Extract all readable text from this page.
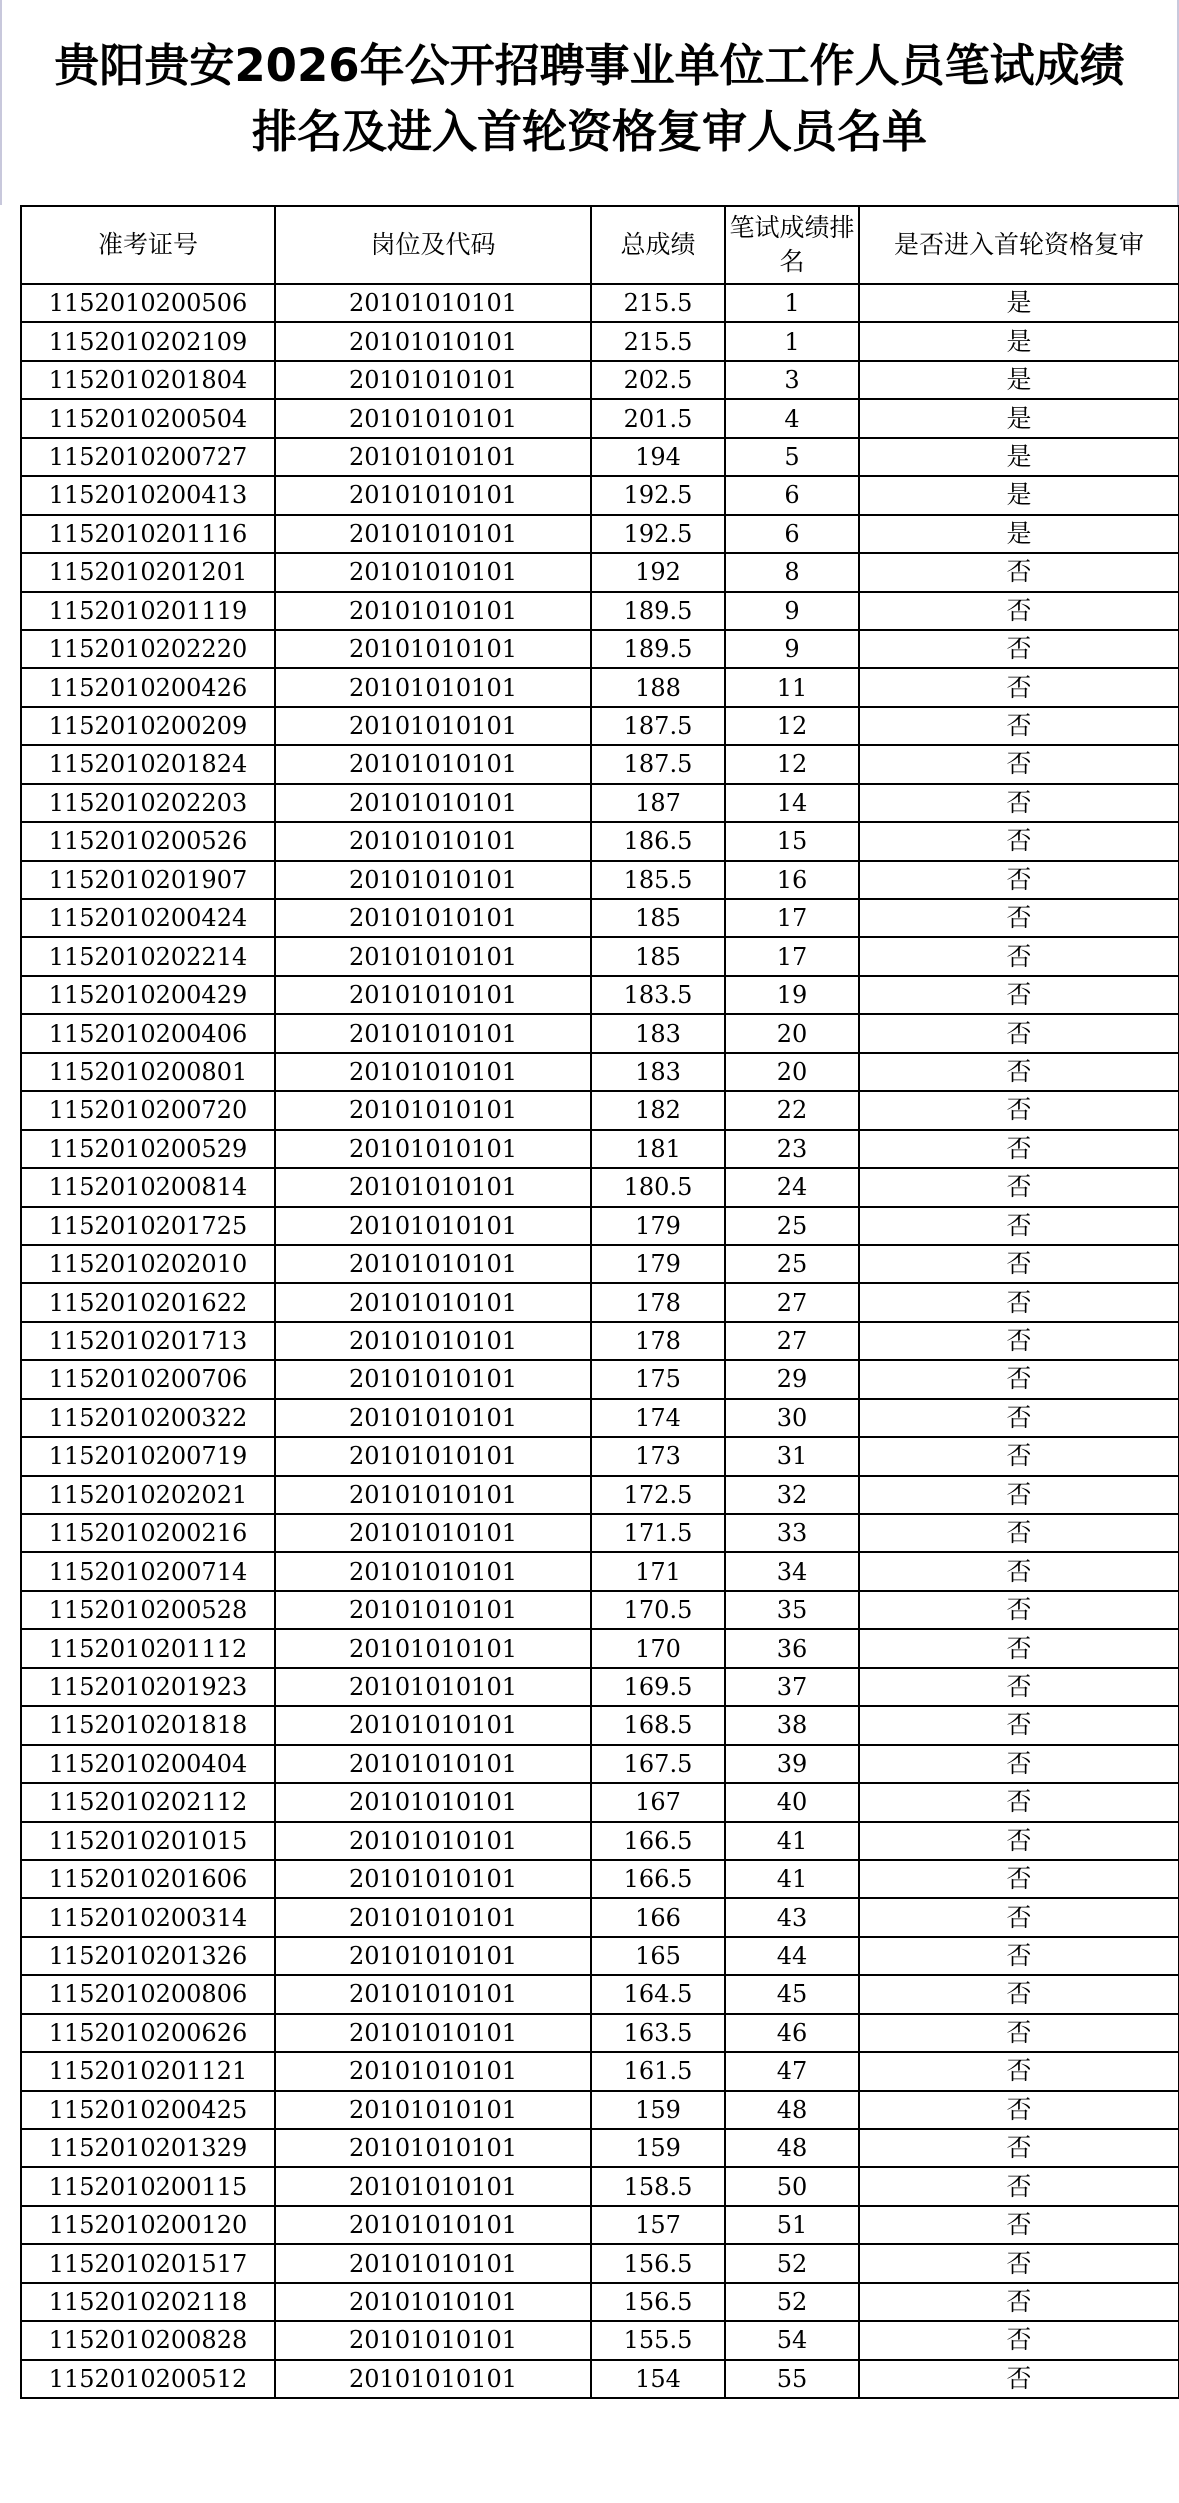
贵阳贵安2026年公开招聘事业单位工作人员笔试成绩
排名及进入首轮资格复审人员名单
准考证号	岗位及代码	总成绩	笔试成绩排名	是否进入首轮资格复审
1152010200506	20101010101	215.5	1	是
1152010202109	20101010101	215.5	1	是
1152010201804	20101010101	202.5	3	是
1152010200504	20101010101	201.5	4	是
1152010200727	20101010101	194	5	是
1152010200413	20101010101	192.5	6	是
1152010201116	20101010101	192.5	6	是
1152010201201	20101010101	192	8	否
1152010201119	20101010101	189.5	9	否
1152010202220	20101010101	189.5	9	否
1152010200426	20101010101	188	11	否
1152010200209	20101010101	187.5	12	否
1152010201824	20101010101	187.5	12	否
1152010202203	20101010101	187	14	否
1152010200526	20101010101	186.5	15	否
1152010201907	20101010101	185.5	16	否
1152010200424	20101010101	185	17	否
1152010202214	20101010101	185	17	否
1152010200429	20101010101	183.5	19	否
1152010200406	20101010101	183	20	否
1152010200801	20101010101	183	20	否
1152010200720	20101010101	182	22	否
1152010200529	20101010101	181	23	否
1152010200814	20101010101	180.5	24	否
1152010201725	20101010101	179	25	否
1152010202010	20101010101	179	25	否
1152010201622	20101010101	178	27	否
1152010201713	20101010101	178	27	否
1152010200706	20101010101	175	29	否
1152010200322	20101010101	174	30	否
1152010200719	20101010101	173	31	否
1152010202021	20101010101	172.5	32	否
1152010200216	20101010101	171.5	33	否
1152010200714	20101010101	171	34	否
1152010200528	20101010101	170.5	35	否
1152010201112	20101010101	170	36	否
1152010201923	20101010101	169.5	37	否
1152010201818	20101010101	168.5	38	否
1152010200404	20101010101	167.5	39	否
1152010202112	20101010101	167	40	否
1152010201015	20101010101	166.5	41	否
1152010201606	20101010101	166.5	41	否
1152010200314	20101010101	166	43	否
1152010201326	20101010101	165	44	否
1152010200806	20101010101	164.5	45	否
1152010200626	20101010101	163.5	46	否
1152010201121	20101010101	161.5	47	否
1152010200425	20101010101	159	48	否
1152010201329	20101010101	159	48	否
1152010200115	20101010101	158.5	50	否
1152010200120	20101010101	157	51	否
1152010201517	20101010101	156.5	52	否
1152010202118	20101010101	156.5	52	否
1152010200828	20101010101	155.5	54	否
1152010200512	20101010101	154	55	否
